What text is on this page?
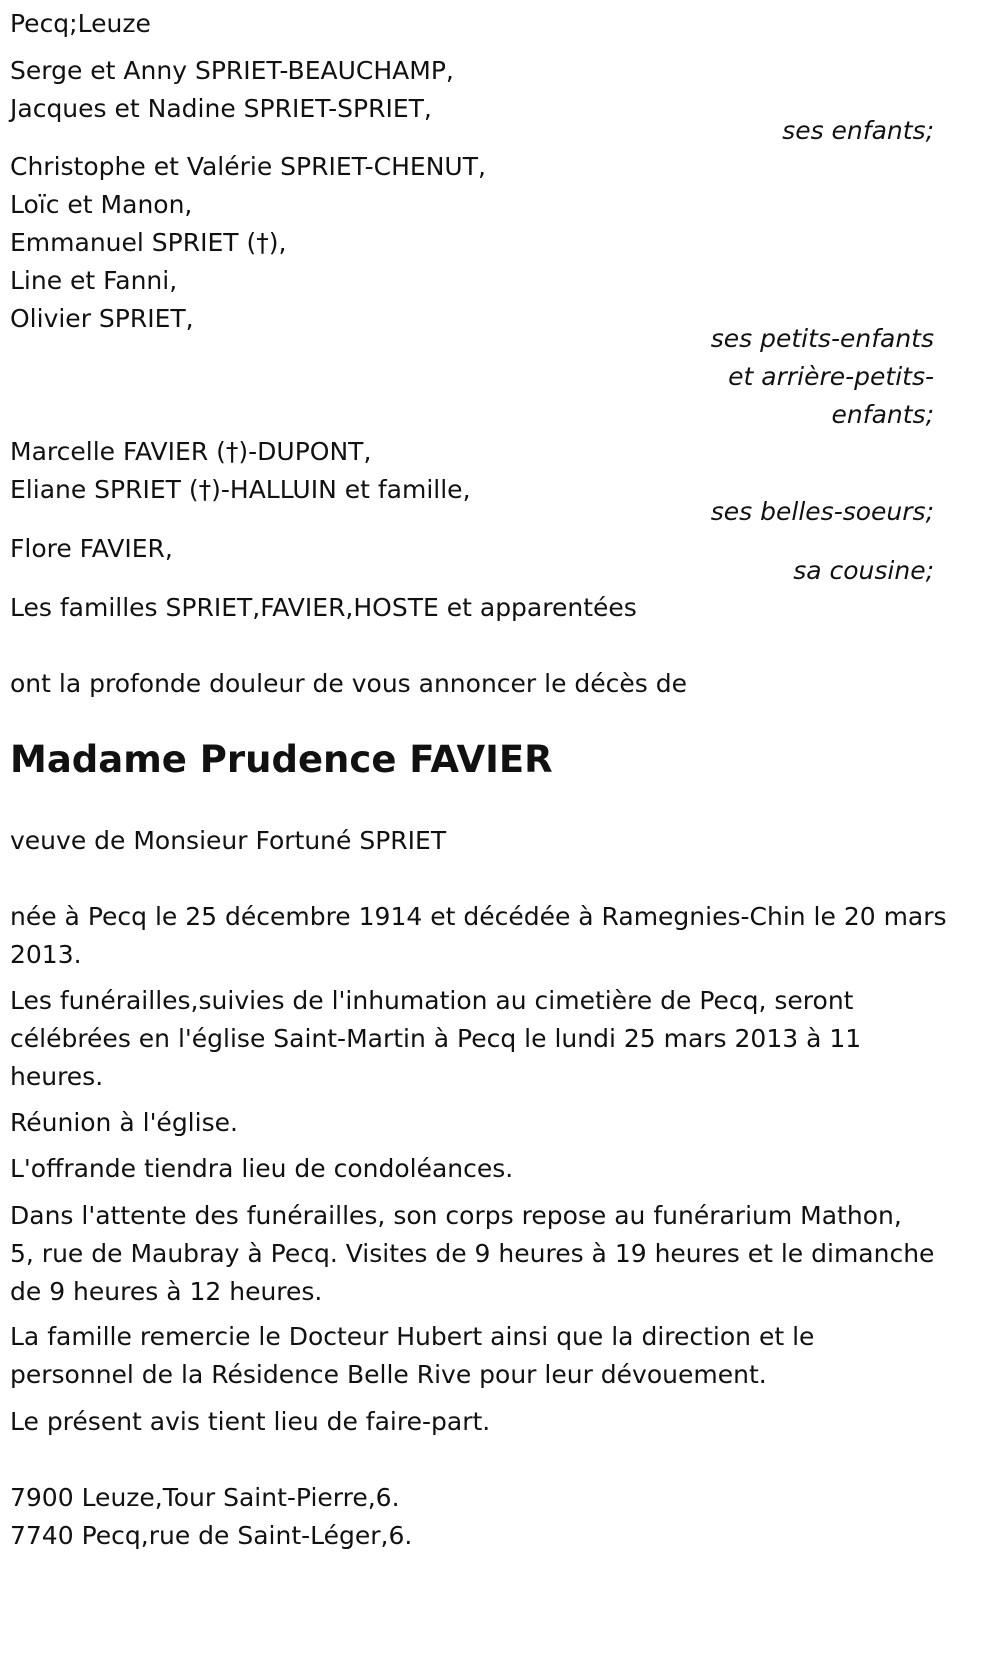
Pecq;Leuze
Serge et Anny SPRIET-BEAUCHAMP,
Jacques et Nadine SPRIET-SPRIET,
ses enfants;
Christophe et Valérie SPRIET-CHENUT,
Loïc et Manon,
Emmanuel SPRIET (†),
Line et Fanni,
Olivier SPRIET,
ses petits-enfants
et arrière-petits-
enfants;
Marcelle FAVIER (†)-DUPONT,
Eliane SPRIET (†)-HALLUIN et famille,
ses belles-soeurs;
Flore FAVIER,
sa cousine;
Les familles SPRIET,FAVIER,HOSTE et apparentées
ont la profonde douleur de vous annoncer le décès de
Madame Prudence FAVIER
veuve de Monsieur Fortuné SPRIET
née à Pecq le 25 décembre 1914 et décédée à Ramegnies-Chin le 20 mars
2013.
Les funérailles,suivies de l'inhumation au cimetière de Pecq, seront
célébrées en l'église Saint-Martin à Pecq le lundi 25 mars 2013 à 11
heures.
Réunion à l'église.
L'offrande tiendra lieu de condoléances.
Dans l'attente des funérailles, son corps repose au funérarium Mathon,
5, rue de Maubray à Pecq. Visites de 9 heures à 19 heures et le dimanche
de 9 heures à 12 heures.
La famille remercie le Docteur Hubert ainsi que la direction et le
personnel de la Résidence Belle Rive pour leur dévouement.
Le présent avis tient lieu de faire-part.
7900 Leuze,Tour Saint-Pierre,6.
7740 Pecq,rue de Saint-Léger,6.
